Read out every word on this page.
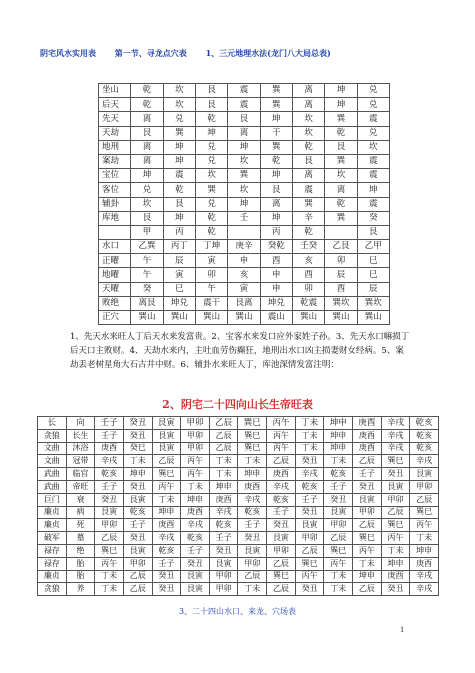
阴宅风水实用表 第一节、寻龙点穴表 1、三元地理水法(龙门八大局总表)
坐山	乾	坎	艮	震	巽	离	坤	兑
后天	乾	坎	艮	震	巽	离	坤	兑
先天	离	兑	乾	艮	坤	坎	巽	震
天劫	艮	巽	坤	离	干	坎	乾	兑
地刑	离	坤	兑	坤	巽	乾	艮	坎
案劫	离	坤	兑	坎	乾	艮	巽	震
宝位	坤	震	坎	巽	坤	离	坎	震
客位	兑	乾	巽	坎	艮	震	离	坤
辅卦	坎	艮	兑	坤	离	巽	乾	震
库地	艮	坤	乾	壬	坤	辛	巽	癸
	甲	丙	乾		丙	乾		艮
水口	乙巽	丙丁	丁坤	庚辛	癸乾	壬癸	乙艮	乙甲
正曜	午	辰	寅	申	酉	亥	卯	巳
地曜	午	寅	卯	亥	申	酉	辰	巳
天曜	癸	巳	午	寅	申	卯	酉	辰
败绝	离艮	坤兑	震干	艮离	坤兑	乾震	巽坎	巽坎
正穴	巽山	巽山	巽山	巽山	震山	巽山	巽山	巽山
1、先天水来旺人丁后天水来发富贵。2、宝客水来发口应外家姓子孙。3、先天水口嘛损丁后天口主败财。4、天劫水来内，主吐血劳伤癫狂，地刑出水口凶主损妻财女经病。5、案劫丢老树星角大石古井中财。6、辅卦水来旺人丁，库池深情发富注明：
2、阴宅二十四向山长生帝旺表
长	向	壬子	癸丑	艮寅	甲卯	乙辰	巽巳	丙午	丁未	坤申	庚酉	辛戌	乾亥
贪狼	长生	壬子	癸丑	艮寅	甲卯	乙辰	巽巳	丙午	丁未	坤申	庚酉	辛戌	乾亥
文曲	沐浴	庚酉	癸巳	艮寅	甲卯	乙辰	巽巳	丙午	丁未	坤申	庚酉	辛戌	乾亥
文曲	冠带	辛戌	丁未	乙辰	丙午	丁未	丁未	乙辰	癸丑	丁未	乙辰	巽巳	辛戌
武曲	临官	乾亥	坤申	巽巳	丙午	丁未	坤申	庚酉	辛戌	乾亥	壬子	癸丑	艮寅
武曲	帝旺	壬子	癸丑	丙午	丁未	坤申	庚酉	辛戌	乾亥	壬子	癸丑	艮寅	甲卯
巨门	衰	癸丑	艮寅	丁未	坤申	庚酉	辛戌	乾亥	壬子	癸丑	艮寅	甲卯	乙辰
廉贞	病	艮寅	乾亥	坤申	庚酉	辛戌	乾亥	壬子	癸丑	艮寅	甲卯	乙辰	巽巳
廉贞	死	甲卯	壬子	庚酉	辛戌	乾亥	壬子	癸丑	艮寅	甲卯	乙辰	巽巳	丙午
破军	墓	乙辰	癸丑	辛戌	乾亥	壬子	癸丑	艮寅	甲卯	乙辰	巽巳	丙午	丁未
禄存	绝	巽巳	艮寅	乾亥	壬子	癸丑	艮寅	甲卯	乙辰	巽巳	丙午	丁未	坤申
禄存	胎	丙午	甲卯	壬子	癸丑	艮寅	甲卯	乙辰	巽巳	丙午	丁未	坤申	庚酉
廉贞	胎	丁未	乙辰	癸丑	艮寅	甲卯	乙辰	巽巳	丙午	丁未	坤申	庚酉	辛戌
贪狼	养	丁未	乙辰	癸丑	艮寅	甲卯	丁未	乙辰	癸丑	丁未	乙辰	癸丑	辛戌
3、二十四山水口、来龙、穴场表
1
